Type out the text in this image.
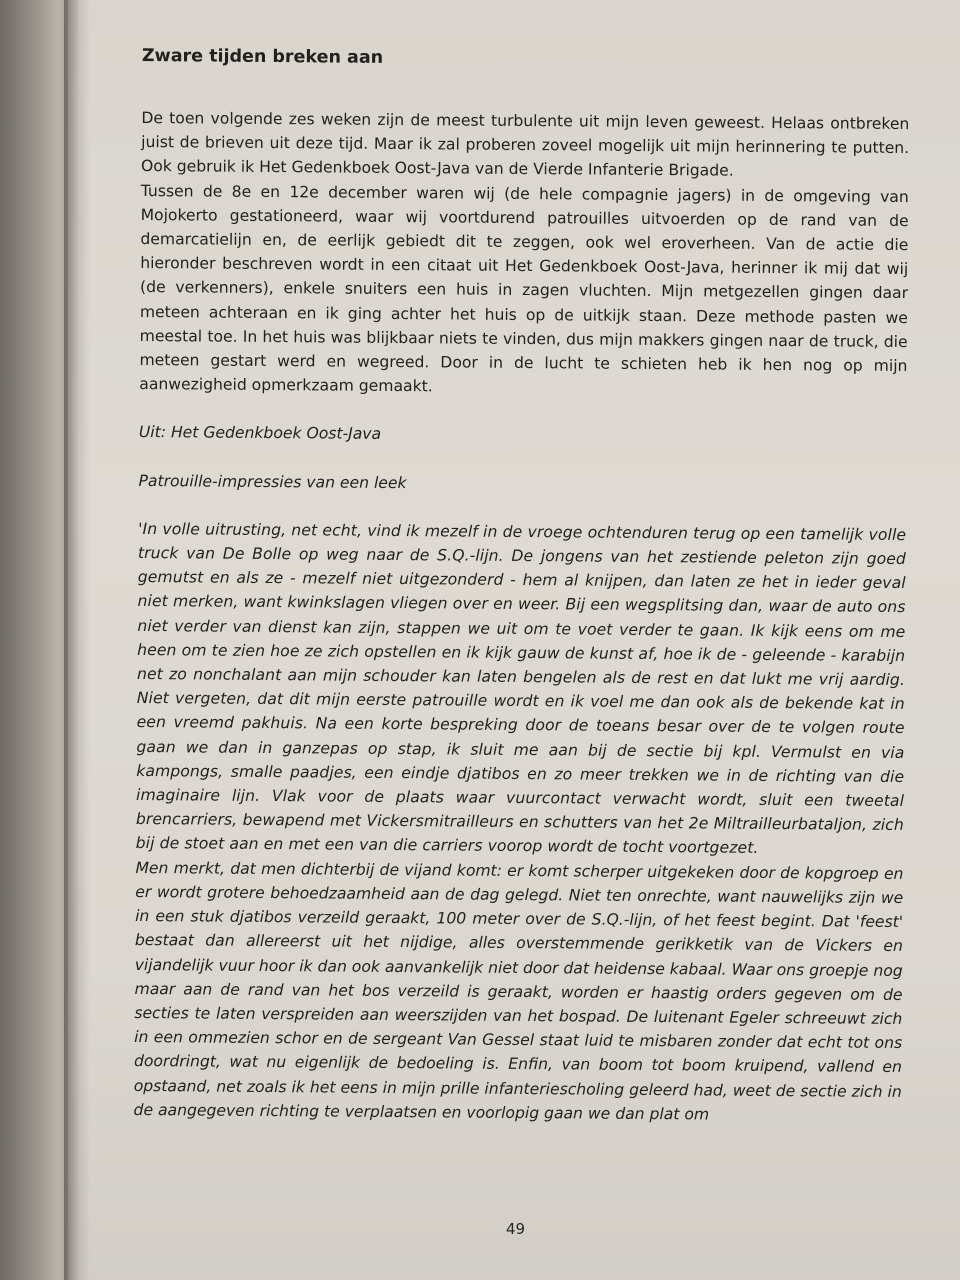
Zware tijden breken aan

De toen volgende zes weken zijn de meest turbulente uit mijn leven geweest. Helaas ontbreken juist de brieven uit deze tijd. Maar ik zal proberen zoveel mogelijk uit mijn herinnering te putten. Ook gebruik ik Het Gedenkboek Oost-Java van de Vierde Infanterie Brigade.

Tussen de 8e en 12e december waren wij (de hele compagnie jagers) in de omgeving van Mojokerto gestationeerd, waar wij voortdurend patrouilles uitvoerden op de rand van de demarcatielijn en, de eerlijk gebiedt dit te zeggen, ook wel eroverheen. Van de actie die hieronder beschreven wordt in een citaat uit Het Gedenkboek Oost-Java, herinner ik mij dat wij (de verkenners), enkele snuiters een huis in zagen vluchten. Mijn metgezellen gingen daar meteen achteraan en ik ging achter het huis op de uitkijk staan. Deze methode pasten we meestal toe. In het huis was blijkbaar niets te vinden, dus mijn makkers gingen naar de truck, die meteen gestart werd en wegreed. Door in de lucht te schieten heb ik hen nog op mijn aanwezigheid opmerkzaam gemaakt.

Uit: Het Gedenkboek Oost-Java

Patrouille-impressies van een leek

'In volle uitrusting, net echt, vind ik mezelf in de vroege ochtenduren terug op een tamelijk volle truck van De Bolle op weg naar de S.Q.-lijn. De jongens van het zestiende peleton zijn goed gemutst en als ze - mezelf niet uitgezonderd - hem al knijpen, dan laten ze het in ieder geval niet merken, want kwinkslagen vliegen over en weer. Bij een wegsplitsing dan, waar de auto ons niet verder van dienst kan zijn, stappen we uit om te voet verder te gaan. Ik kijk eens om me heen om te zien hoe ze zich opstellen en ik kijk gauw de kunst af, hoe ik de - geleende - karabijn net zo nonchalant aan mijn schouder kan laten bengelen als de rest en dat lukt me vrij aardig. Niet vergeten, dat dit mijn eerste patrouille wordt en ik voel me dan ook als de bekende kat in een vreemd pakhuis. Na een korte bespreking door de toeans besar over de te volgen route gaan we dan in ganzepas op stap, ik sluit me aan bij de sectie bij kpl. Vermulst en via kampongs, smalle paadjes, een eindje djatibos en zo meer trekken we in de richting van die imaginaire lijn. Vlak voor de plaats waar vuurcontact verwacht wordt, sluit een tweetal brencarriers, bewapend met Vickersmitrailleurs en schutters van het 2e Miltrailleurbataljon, zich bij de stoet aan en met een van die carriers voorop wordt de tocht voortgezet.

Men merkt, dat men dichterbij de vijand komt: er komt scherper uitgekeken door de kopgroep en er wordt grotere behoedzaamheid aan de dag gelegd. Niet ten onrechte, want nauwelijks zijn we in een stuk djatibos verzeild geraakt, 100 meter over de S.Q.-lijn, of het feest begint. Dat 'feest' bestaat dan allereerst uit het nijdige, alles overstemmende gerikketik van de Vickers en vijandelijk vuur hoor ik dan ook aanvankelijk niet door dat heidense kabaal. Waar ons groepje nog maar aan de rand van het bos verzeild is geraakt, worden er haastig orders gegeven om de secties te laten verspreiden aan weerszijden van het bospad. De luitenant Egeler schreeuwt zich in een ommezien schor en de sergeant Van Gessel staat luid te misbaren zonder dat echt tot ons doordringt, wat nu eigenlijk de bedoeling is. Enfin, van boom tot boom kruipend, vallend en opstaand, net zoals ik het eens in mijn prille infanteriescholing geleerd had, weet de sectie zich in de aangegeven richting te verplaatsen en voorlopig gaan we dan plat om

49
